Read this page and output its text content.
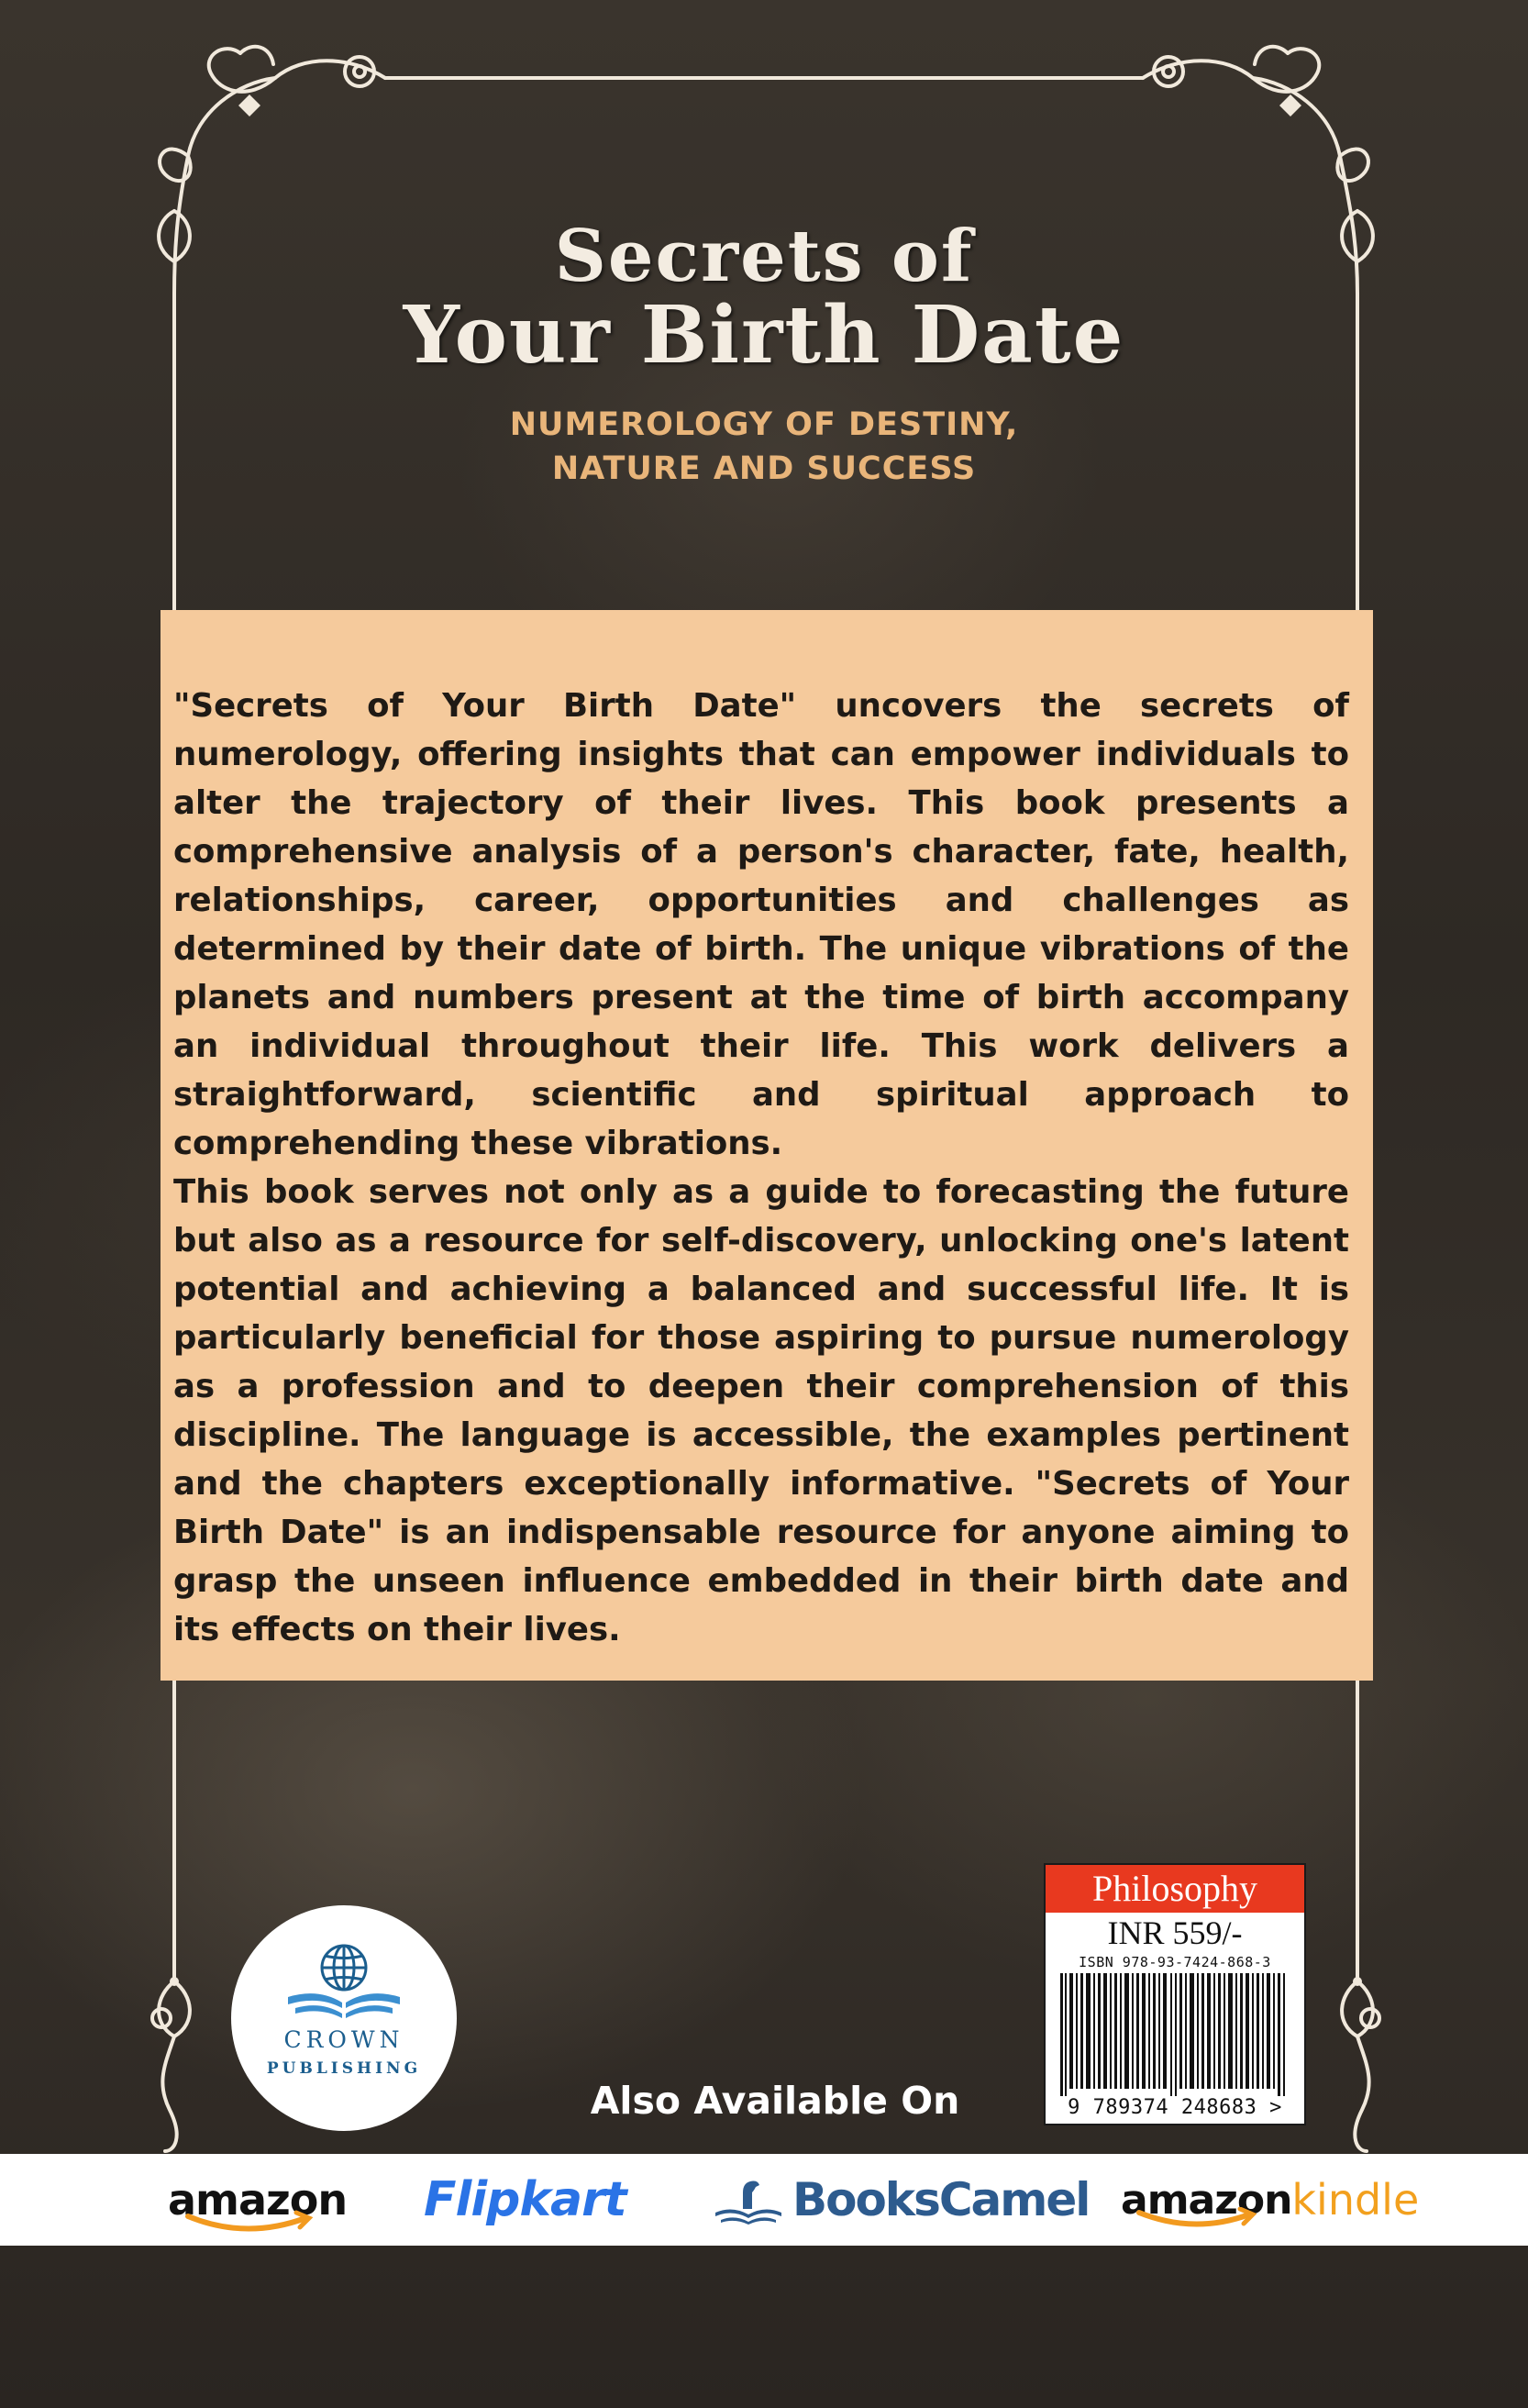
Secrets of
Your Birth Date
NUMEROLOGY OF DESTINY,
NATURE AND SUCCESS

"Secrets of Your Birth Date" uncovers the secrets of numerology, offering insights that can empower individuals to alter the trajectory of their lives. This book presents a comprehensive analysis of a person's character, fate, health, relationships, career, opportunities and challenges as determined by their date of birth. The unique vibrations of the planets and numbers present at the time of birth accompany an individual throughout their life. This work delivers a straightforward, scientific and spiritual approach to comprehending these vibrations.

This book serves not only as a guide to forecasting the future but also as a resource for self-discovery, unlocking one's latent potential and achieving a balanced and successful life. It is particularly beneficial for those aspiring to pursue numerology as a profession and to deepen their comprehension of this discipline. The language is accessible, the examples pertinent and the chapters exceptionally informative. "Secrets of Your Birth Date" is an indispensable resource for anyone aiming to grasp the unseen influence embedded in their birth date and its effects on their lives.

CROWN
PUBLISHING
Philosophy
INR 559/-
ISBN 978-93-7424-868-3
9 789374 248683 >
Also Available On
amazon Flipkart	BooksCamel amazon kindle
